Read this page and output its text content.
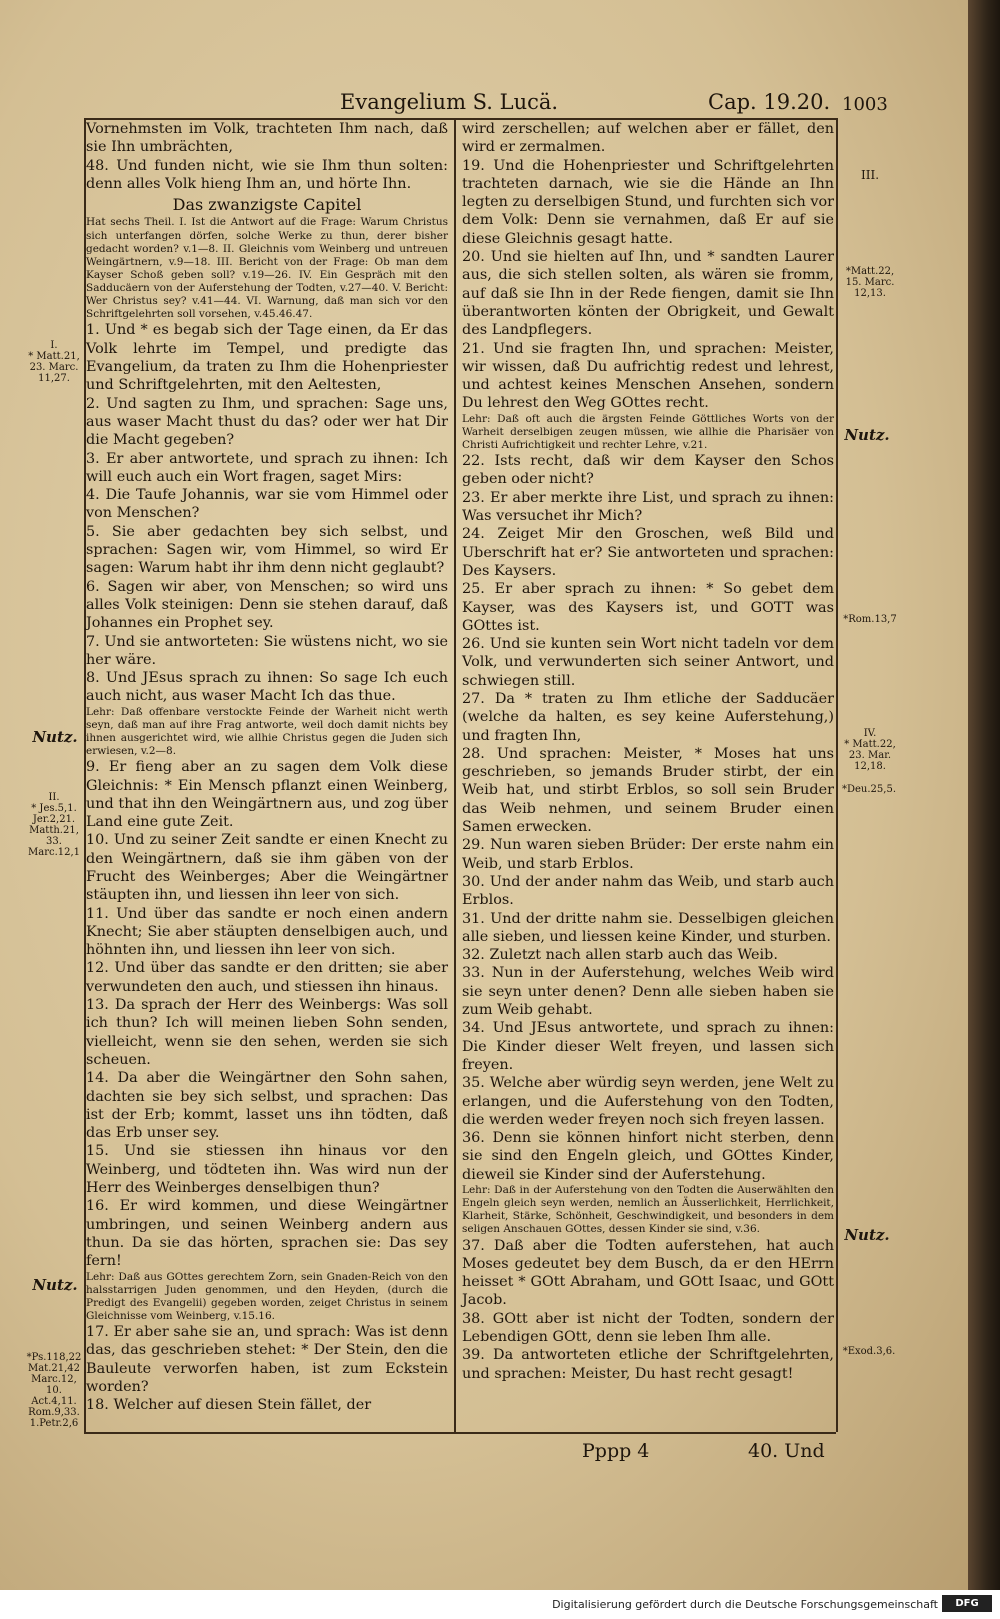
Evangelium S. Lucä.	Cap. 19.20. 1003

Vornehmsten im Volk, trachteten Ihm nach, daß sie Ihn umbrächten,

48. Und funden nicht, wie sie Ihm thun solten: denn alles Volk hieng Ihm an, und hörte Ihn.

Das zwanzigste Capitel

Hat sechs Theil. I. Ist die Antwort auf die Frage: Warum Christus sich unterfangen dörfen, solche Werke zu thun, derer bisher gedacht worden? v.1—8. II. Gleichnis vom Weinberg und untreuen Weingärtnern, v.9—18. III. Bericht von der Frage: Ob man dem Kayser Schoß geben soll? v.19—26. IV. Ein Gespräch mit den Sadducäern von der Auferstehung der Todten, v.27—40. V. Bericht: Wer Christus sey? v.41—44. VI. Warnung, daß man sich vor den Schriftgelehrten soll vorsehen, v.45.46.47.

1. Und * es begab sich der Tage einen, da Er das Volk lehrte im Tempel, und predigte das Evangelium, da traten zu Ihm die Hohenpriester und Schriftgelehrten, mit den Aeltesten,

2. Und sagten zu Ihm, und sprachen: Sage uns, aus waser Macht thust du das? oder wer hat Dir die Macht gegeben?

3. Er aber antwortete, und sprach zu ihnen: Ich will euch auch ein Wort fragen, saget Mirs:

4. Die Taufe Johannis, war sie vom Himmel oder von Menschen?

5. Sie aber gedachten bey sich selbst, und sprachen: Sagen wir, vom Himmel, so wird Er sagen: Warum habt ihr ihm denn nicht geglaubt?

6. Sagen wir aber, von Menschen; so wird uns alles Volk steinigen: Denn sie stehen darauf, daß Johannes ein Prophet sey.

7. Und sie antworteten: Sie wüstens nicht, wo sie her wäre.

8. Und JEsus sprach zu ihnen: So sage Ich euch auch nicht, aus waser Macht Ich das thue.

Lehr: Daß offenbare verstockte Feinde der Warheit nicht werth seyn, daß man auf ihre Frag antworte, weil doch damit nichts bey ihnen ausgerichtet wird, wie allhie Christus gegen die Juden sich erwiesen, v.2—8.

9. Er fieng aber an zu sagen dem Volk diese Gleichnis: * Ein Mensch pflanzt einen Weinberg, und that ihn den Weingärtnern aus, und zog über Land eine gute Zeit.

10. Und zu seiner Zeit sandte er einen Knecht zu den Weingärtnern, daß sie ihm gäben von der Frucht des Weinberges; Aber die Weingärtner stäupten ihn, und liessen ihn leer von sich.

11. Und über das sandte er noch einen andern Knecht; Sie aber stäupten denselbigen auch, und höhnten ihn, und liessen ihn leer von sich.

12. Und über das sandte er den dritten; sie aber verwundeten den auch, und stiessen ihn hinaus.

13. Da sprach der Herr des Weinbergs: Was soll ich thun? Ich will meinen lieben Sohn senden, vielleicht, wenn sie den sehen, werden sie sich scheuen.

14. Da aber die Weingärtner den Sohn sahen, dachten sie bey sich selbst, und sprachen: Das ist der Erb; kommt, lasset uns ihn tödten, daß das Erb unser sey.

15. Und sie stiessen ihn hinaus vor den Weinberg, und tödteten ihn. Was wird nun der Herr des Weinberges denselbigen thun?

16. Er wird kommen, und diese Weingärtner umbringen, und seinen Weinberg andern aus thun. Da sie das hörten, sprachen sie: Das sey fern!

Lehr: Daß aus GOttes gerechtem Zorn, sein Gnaden-Reich von den halsstarrigen Juden genommen, und den Heyden, (durch die Predigt des Evangelii) gegeben worden, zeiget Christus in seinem Gleichnisse vom Weinberg, v.15.16.

17. Er aber sahe sie an, und sprach: Was ist denn das, das geschrieben stehet: * Der Stein, den die Bauleute verworfen haben, ist zum Eckstein worden?

18. Welcher auf diesen Stein fället, der

wird zerschellen; auf welchen aber er fället, den wird er zermalmen.

19. Und die Hohenpriester und Schriftgelehrten trachteten darnach, wie sie die Hände an Ihn legten zu derselbigen Stund, und furchten sich vor dem Volk: Denn sie vernahmen, daß Er auf sie diese Gleichnis gesagt hatte.

20. Und sie hielten auf Ihn, und * sandten Laurer aus, die sich stellen solten, als wären sie fromm, auf daß sie Ihn in der Rede fiengen, damit sie Ihn überantworten könten der Obrigkeit, und Gewalt des Landpflegers.

21. Und sie fragten Ihn, und sprachen: Meister, wir wissen, daß Du aufrichtig redest und lehrest, und achtest keines Menschen Ansehen, sondern Du lehrest den Weg GOttes recht.

Lehr: Daß oft auch die ärgsten Feinde Göttliches Worts von der Warheit derselbigen zeugen müssen, wie allhie die Pharisäer von Christi Aufrichtigkeit und rechter Lehre, v.21.

22. Ists recht, daß wir dem Kayser den Schos geben oder nicht?

23. Er aber merkte ihre List, und sprach zu ihnen: Was versuchet ihr Mich?

24. Zeiget Mir den Groschen, weß Bild und Uberschrift hat er? Sie antworteten und sprachen: Des Kaysers.

25. Er aber sprach zu ihnen: * So gebet dem Kayser, was des Kaysers ist, und GOTT was GOttes ist.

26. Und sie kunten sein Wort nicht tadeln vor dem Volk, und verwunderten sich seiner Antwort, und schwiegen still.

27. Da * traten zu Ihm etliche der Sadducäer (welche da halten, es sey keine Auferstehung,) und fragten Ihn,

28. Und sprachen: Meister, * Moses hat uns geschrieben, so jemands Bruder stirbt, der ein Weib hat, und stirbt Erblos, so soll sein Bruder das Weib nehmen, und seinem Bruder einen Samen erwecken.

29. Nun waren sieben Brüder: Der erste nahm ein Weib, und starb Erblos.

30. Und der ander nahm das Weib, und starb auch Erblos.

31. Und der dritte nahm sie. Desselbigen gleichen alle sieben, und liessen keine Kinder, und sturben.

32. Zuletzt nach allen starb auch das Weib.

33. Nun in der Auferstehung, welches Weib wird sie seyn unter denen? Denn alle sieben haben sie zum Weib gehabt.

34. Und JEsus antwortete, und sprach zu ihnen: Die Kinder dieser Welt freyen, und lassen sich freyen.

35. Welche aber würdig seyn werden, jene Welt zu erlangen, und die Auferstehung von den Todten, die werden weder freyen noch sich freyen lassen.

36. Denn sie können hinfort nicht sterben, denn sie sind den Engeln gleich, und GOttes Kinder, dieweil sie Kinder sind der Auferstehung.

Lehr: Daß in der Auferstehung von den Todten die Auserwählten den Engeln gleich seyn werden, nemlich an Äusserlichkeit, Herrlichkeit, Klarheit, Stärke, Schönheit, Geschwindigkeit, und besonders in dem seligen Anschauen GOttes, dessen Kinder sie sind, v.36.

37. Daß aber die Todten auferstehen, hat auch Moses gedeutet bey dem Busch, da er den HErrn heisset * GOtt Abraham, und GOtt Isaac, und GOtt Jacob.

38. GOtt aber ist nicht der Todten, sondern der Lebendigen GOtt, denn sie leben Ihm alle.

39. Da antworteten etliche der Schriftgelehrten, und sprachen: Meister, Du hast recht gesagt!

I.
* Matt.21,
23. Marc.
11,27.
Nutz.
II.
* Jes.5,1.
Jer.2,21.
Matth.21,
33.
Marc.12,1
Nutz.
*Ps.118,22
Mat.21,42
Marc.12,
10.
Act.4,11.
Rom.9,33.
1.Petr.2,6
III.
*Matt.22,
15. Marc.
12,13.
Nutz.
*Rom.13,7
IV.
* Matt.22,
23. Mar.
12,18.
*Deu.25,5.
Nutz.
*Exod.3,6.
Pppp 4	40. Und
Digitalisierung gefördert durch die Deutsche Forschungsgemeinschaft	DFG
